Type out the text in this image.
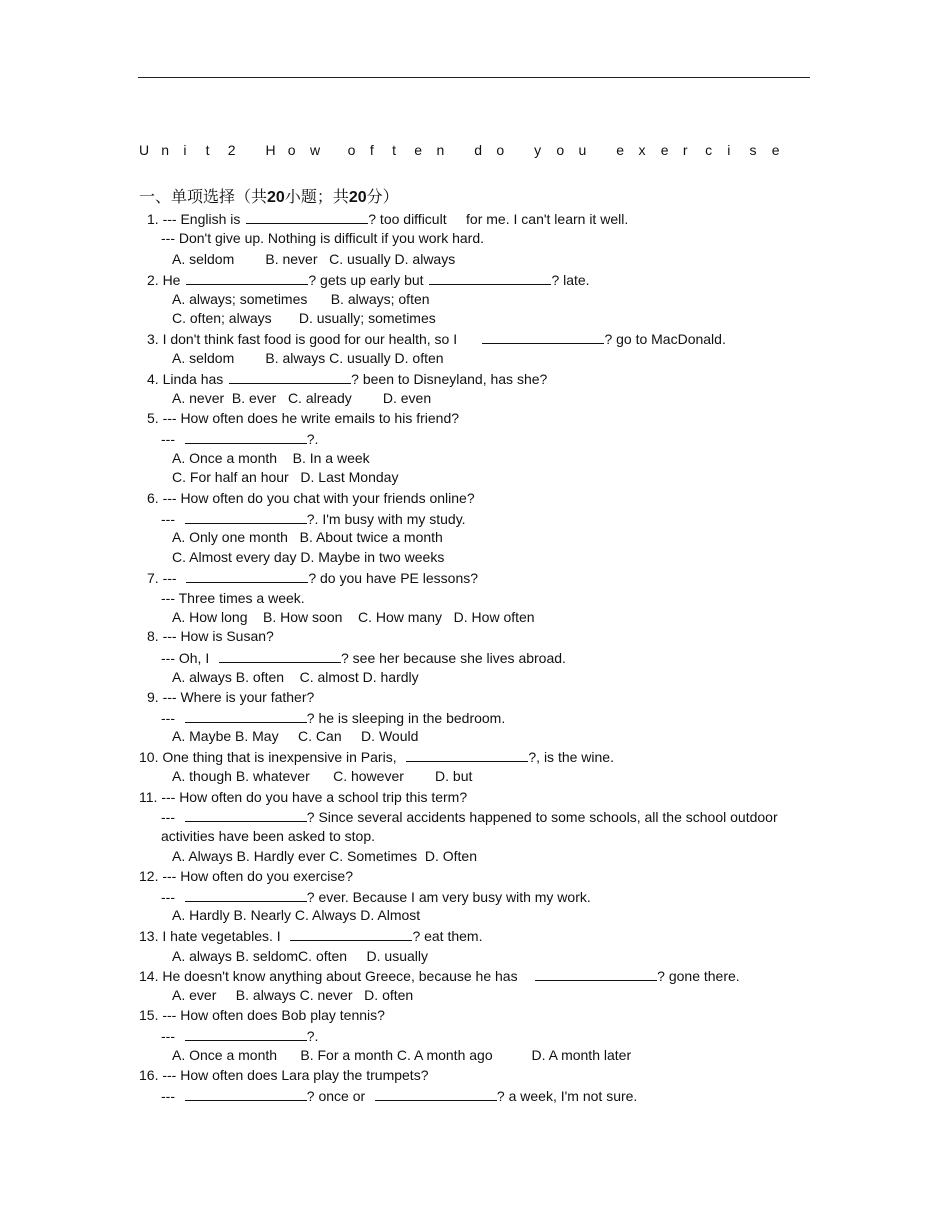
U n i t 2 H o w o f t e n d o y o u e x e r c i s e
一、单项选择（共20小题；共20分）
1. --- English is	? too difficult     for me. I can't learn it well.
--- Don't give up. Nothing is difficult if you work hard.
A. seldom        B. never   C. usually D. always
2. He	? gets up early but	? late.
A. always; sometimes      B. always; often
C. often; always       D. usually; sometimes
3. I don't think fast food is good for our health, so I	? go to MacDonald.
A. seldom        B. always C. usually D. often
4. Linda has	? been to Disneyland, has she?
A. never  B. ever   C. already        D. even
5. --- How often does he write emails to his friend?
---	?.
A. Once a month    B. In a week
C. For half an hour   D. Last Monday
6. --- How often do you chat with your friends online?
---	?. I'm busy with my study.
A. Only one month   B. About twice a month
C. Almost every day D. Maybe in two weeks
7. ---	? do you have PE lessons?
--- Three times a week.
A. How long    B. How soon    C. How many   D. How often
8. --- How is Susan?
--- Oh, I	? see her because she lives abroad.
A. always B. often    C. almost D. hardly
9. --- Where is your father?
---	? he is sleeping in the bedroom.
A. Maybe B. May     C. Can     D. Would
10. One thing that is inexpensive in Paris,	?, is the wine.
A. though B. whatever      C. however        D. but
11. --- How often do you have a school trip this term?
---	? Since several accidents happened to some schools, all the school outdoor
activities have been asked to stop.
A. Always B. Hardly ever C. Sometimes  D. Often
12. --- How often do you exercise?
---	? ever. Because I am very busy with my work.
A. Hardly B. Nearly C. Always D. Almost
13. I hate vegetables. I	? eat them.
A. always B. seldomC. often     D. usually
14. He doesn't know anything about Greece, because he has	? gone there.
A. ever     B. always C. never   D. often
15. --- How often does Bob play tennis?
---	?.
A. Once a month      B. For a month C. A month ago          D. A month later
16. --- How often does Lara play the trumpets?
---	? once or	? a week, I'm not sure.
